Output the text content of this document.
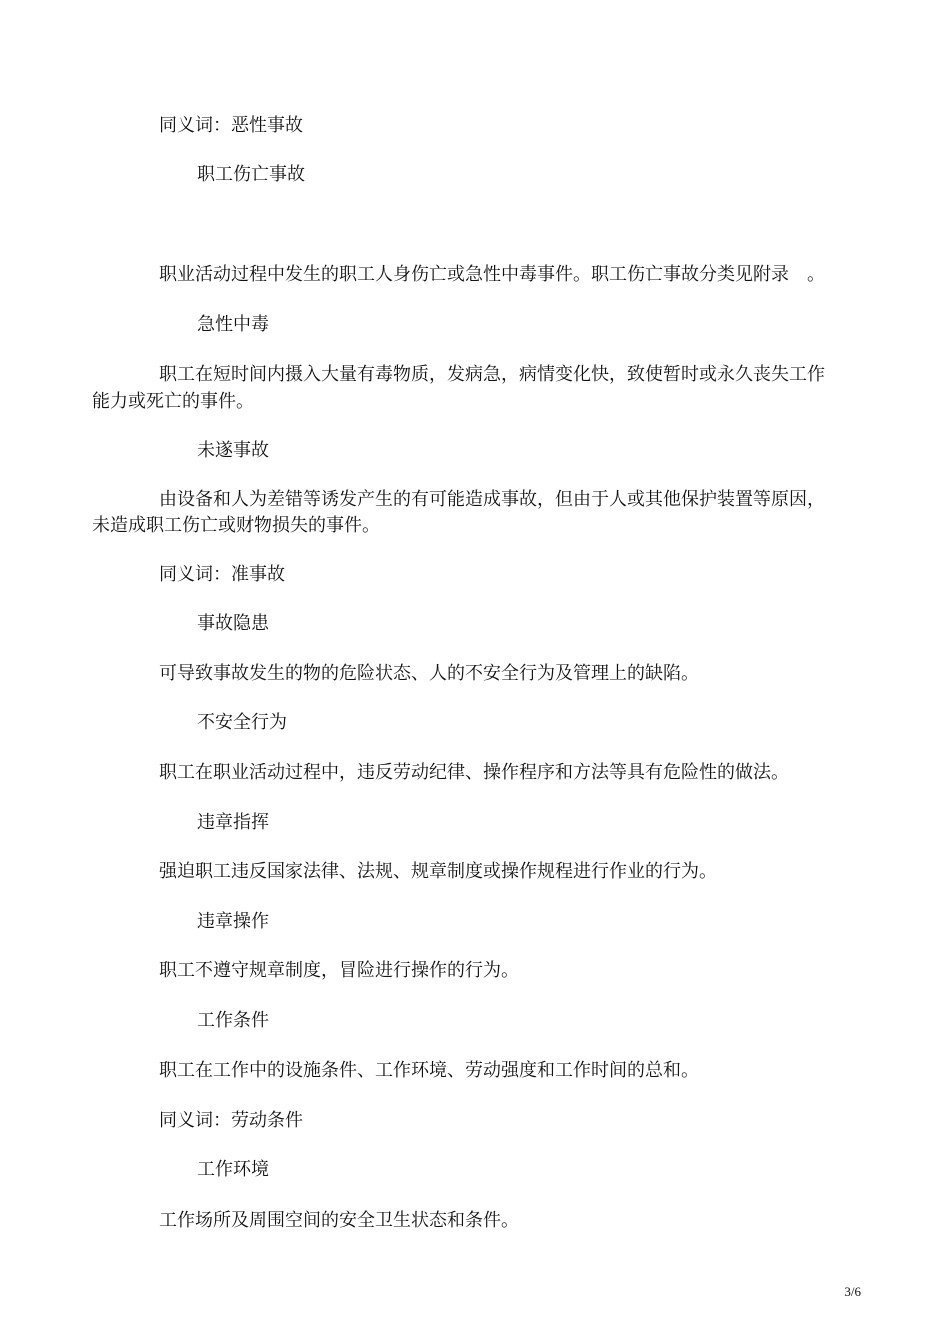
同义词：恶性事故
职工伤亡事故
职业活动过程中发生的职工人身伤亡或急性中毒事件。职工伤亡事故分类见附录　。
急性中毒
职工在短时间内摄入大量有毒物质，发病急，病情变化快，致使暂时或永久丧失工作
能力或死亡的事件。
未遂事故
由设备和人为差错等诱发产生的有可能造成事故，但由于人或其他保护装置等原因，
未造成职工伤亡或财物损失的事件。
同义词：准事故
事故隐患
可导致事故发生的物的危险状态、人的不安全行为及管理上的缺陷。
不安全行为
职工在职业活动过程中，违反劳动纪律、操作程序和方法等具有危险性的做法。
违章指挥
强迫职工违反国家法律、法规、规章制度或操作规程进行作业的行为。
违章操作
职工不遵守规章制度，冒险进行操作的行为。
工作条件
职工在工作中的设施条件、工作环境、劳动强度和工作时间的总和。
同义词：劳动条件
工作环境
工作场所及周围空间的安全卫生状态和条件。
3/6
